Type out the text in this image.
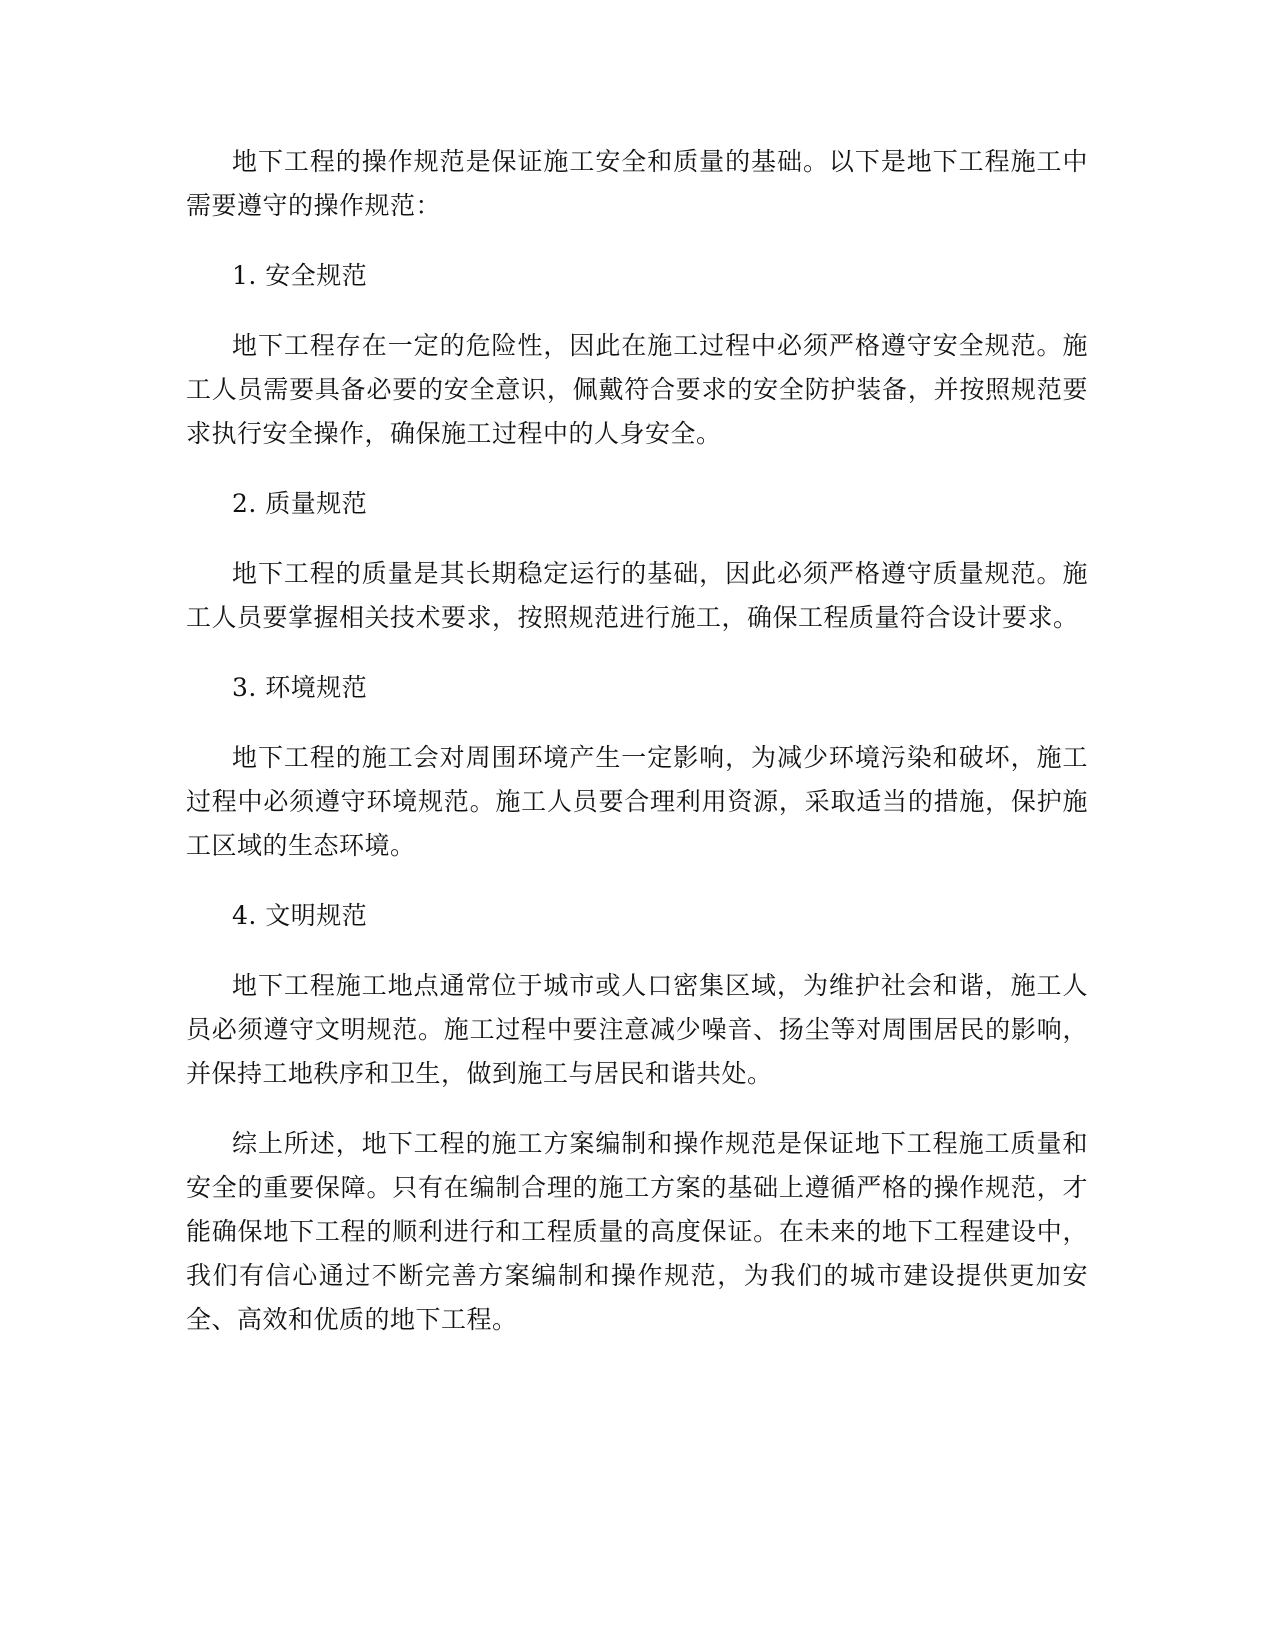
地下工程的操作规范是保证施工安全和质量的基础。以下是地下工程施工中需要遵守的操作规范：

1. 安全规范

地下工程存在一定的危险性，因此在施工过程中必须严格遵守安全规范。施工人员需要具备必要的安全意识，佩戴符合要求的安全防护装备，并按照规范要求执行安全操作，确保施工过程中的人身安全。

2. 质量规范

地下工程的质量是其长期稳定运行的基础，因此必须严格遵守质量规范。施工人员要掌握相关技术要求，按照规范进行施工，确保工程质量符合设计要求。

3. 环境规范

地下工程的施工会对周围环境产生一定影响，为减少环境污染和破坏，施工过程中必须遵守环境规范。施工人员要合理利用资源，采取适当的措施，保护施工区域的生态环境。

4. 文明规范

地下工程施工地点通常位于城市或人口密集区域，为维护社会和谐，施工人员必须遵守文明规范。施工过程中要注意减少噪音、扬尘等对周围居民的影响，并保持工地秩序和卫生，做到施工与居民和谐共处。

综上所述，地下工程的施工方案编制和操作规范是保证地下工程施工质量和安全的重要保障。只有在编制合理的施工方案的基础上遵循严格的操作规范，才能确保地下工程的顺利进行和工程质量的高度保证。在未来的地下工程建设中，我们有信心通过不断完善方案编制和操作规范，为我们的城市建设提供更加安全、高效和优质的地下工程。
